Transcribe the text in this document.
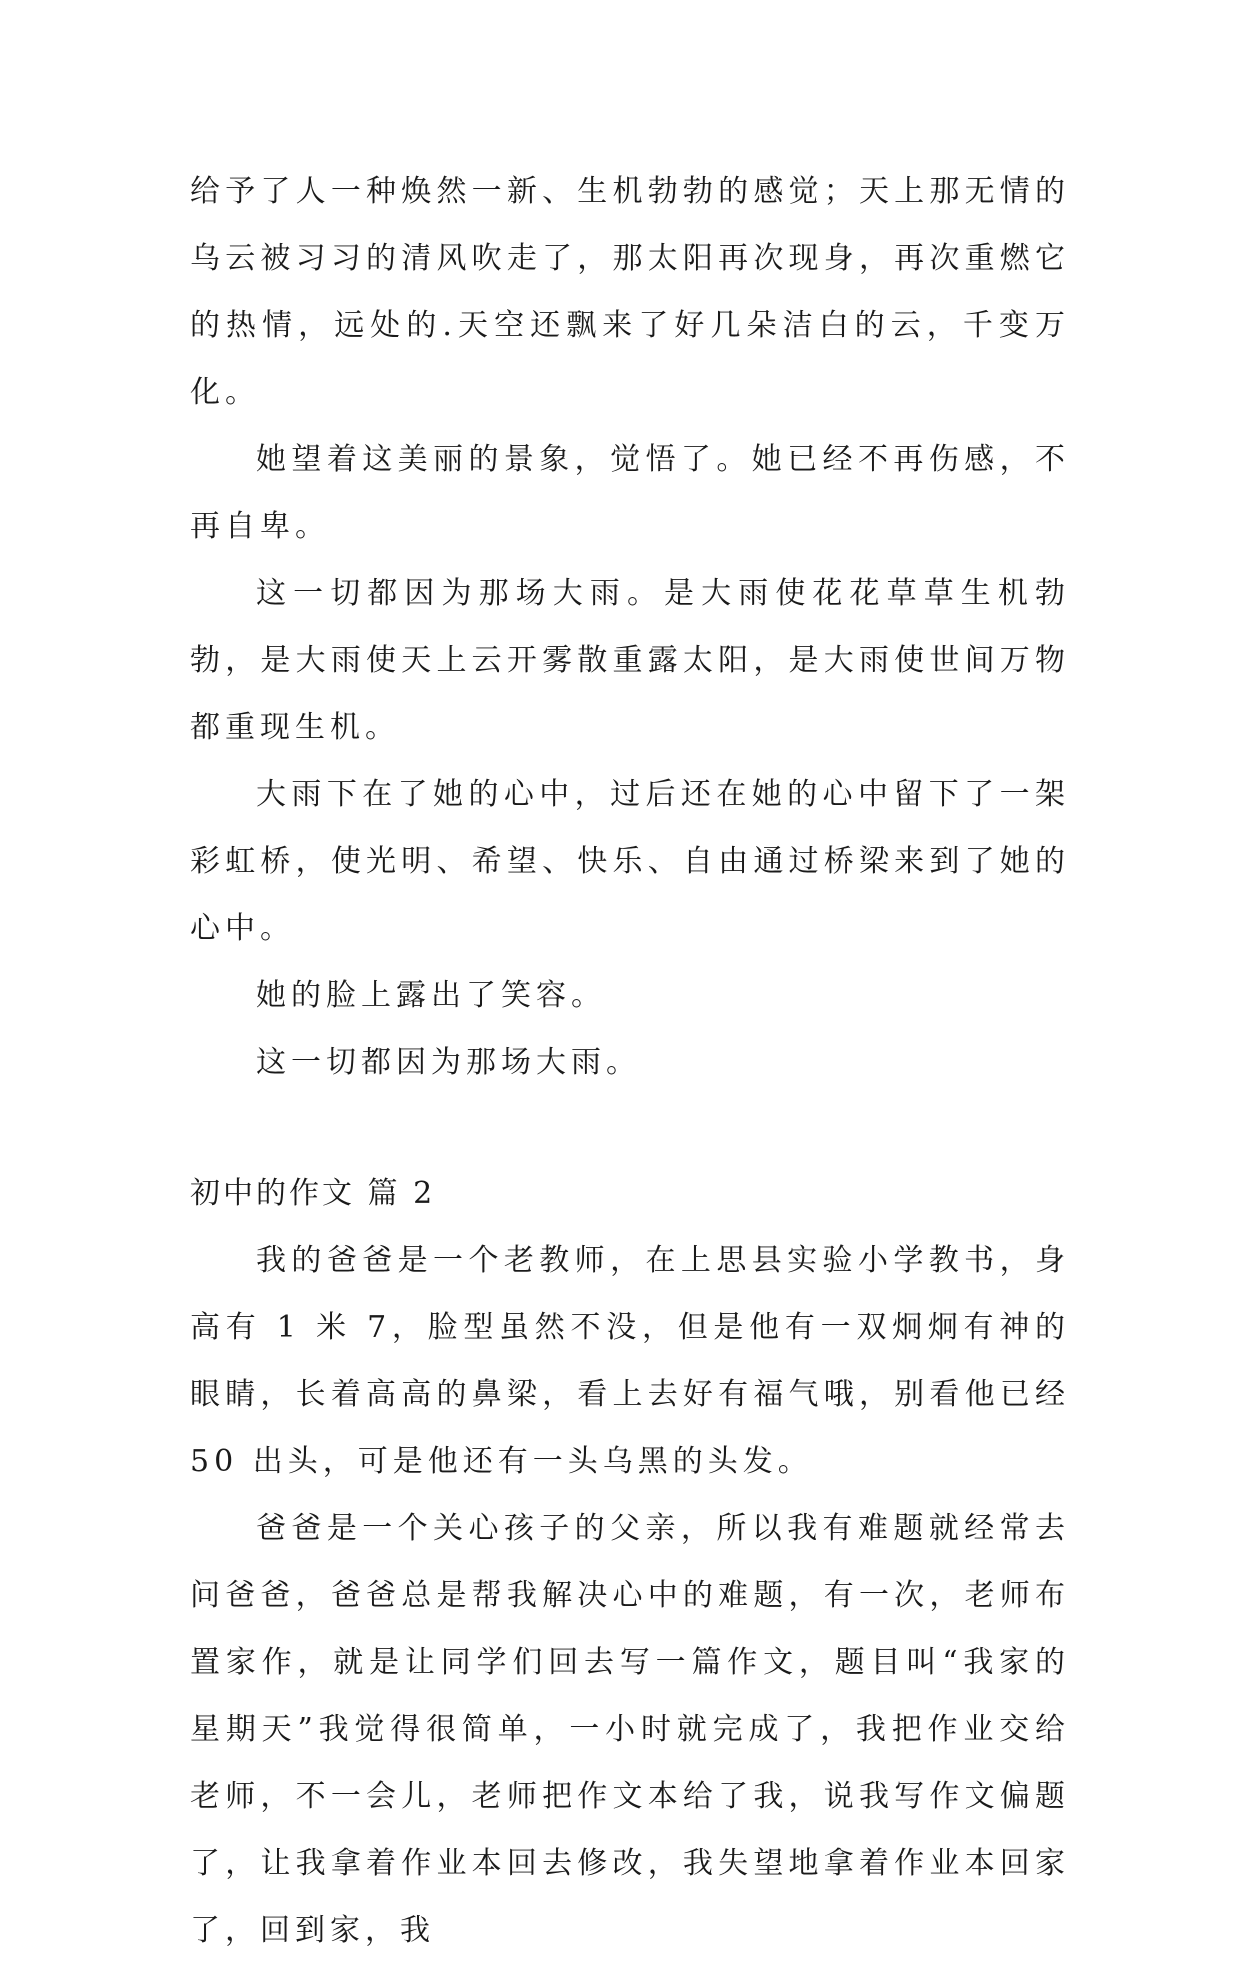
给予了人一种焕然一新、生机勃勃的感觉；天上那无情的乌云被习习的清风吹走了，那太阳再次现身，再次重燃它的热情，远处的.天空还飘来了好几朵洁白的云，千变万化。

她望着这美丽的景象，觉悟了。她已经不再伤感，不再自卑。

这一切都因为那场大雨。是大雨使花花草草生机勃勃，是大雨使天上云开雾散重露太阳，是大雨使世间万物都重现生机。

大雨下在了她的心中，过后还在她的心中留下了一架彩虹桥，使光明、希望、快乐、自由通过桥梁来到了她的心中。

她的脸上露出了笑容。

这一切都因为那场大雨。

初中的作文 篇 2

我的爸爸是一个老教师，在上思县实验小学教书，身高有 1 米 7，脸型虽然不没，但是他有一双炯炯有神的眼睛，长着高高的鼻梁，看上去好有福气哦，别看他已经 50 出头，可是他还有一头乌黑的头发。

爸爸是一个关心孩子的父亲，所以我有难题就经常去问爸爸，爸爸总是帮我解决心中的难题，有一次，老师布置家作，就是让同学们回去写一篇作文，题目叫“我家的星期天”我觉得很简单，一小时就完成了，我把作业交给老师，不一会儿，老师把作文本给了我，说我写作文偏题了，让我拿着作业本回去修改，我失望地拿着作业本回家了，回到家，我
